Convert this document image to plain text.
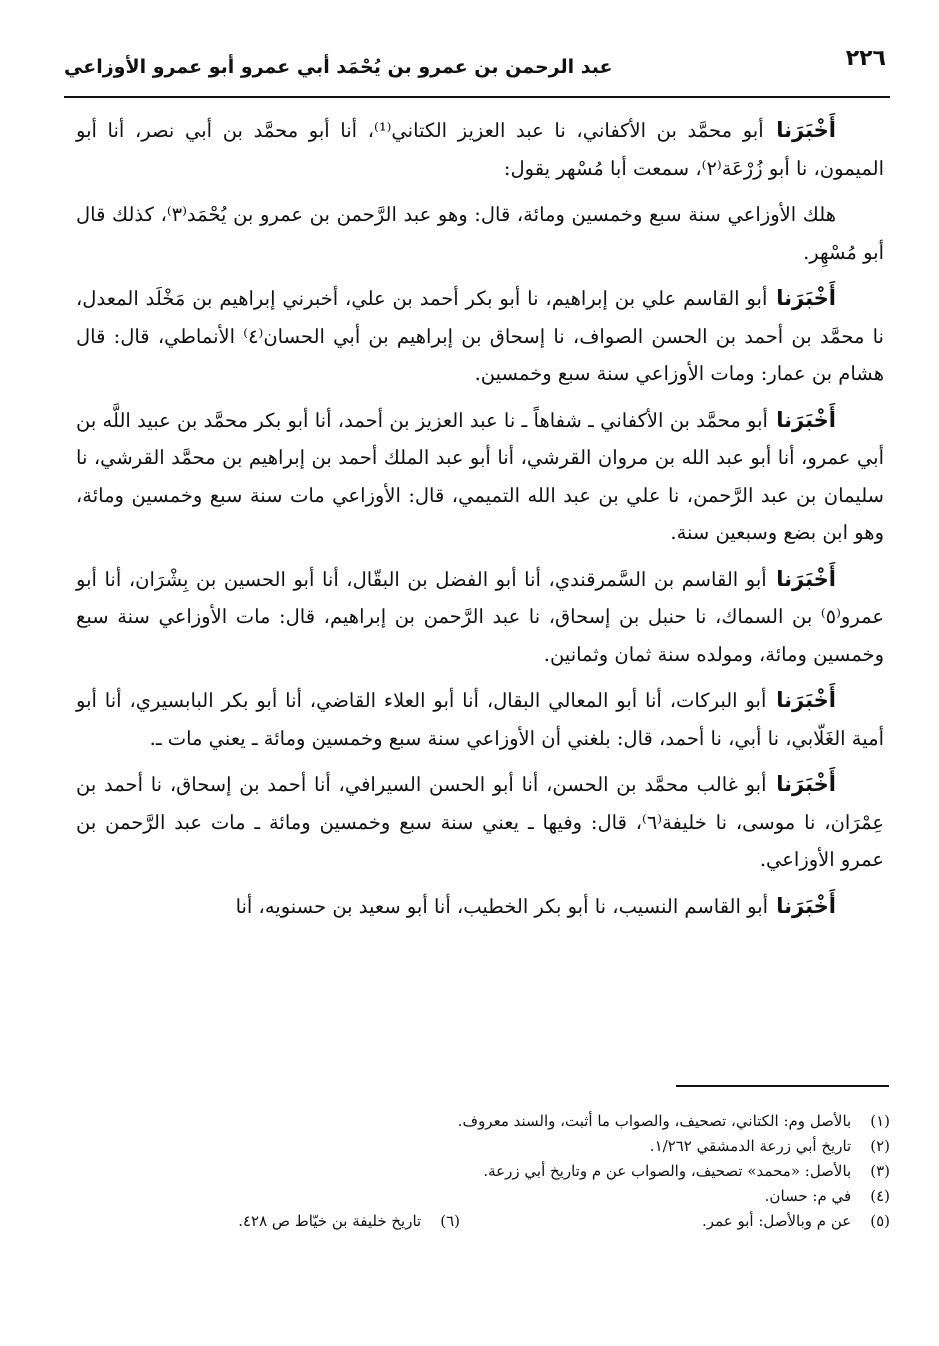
٢٢٦
عبد الرحمن بن عمرو بن يُحْمَد أبي عمرو أبو عمرو الأوزاعي

أَخْبَرَنا أبو محمَّد بن الأكفاني، نا عبد العزيز الكتاني⁽¹⁾، أنا أبو محمَّد بن أبي نصر، أنا أبو الميمون، نا أبو زُرْعَة⁽٢⁾، سمعت أبا مُسْهر يقول:

هلك الأوزاعي سنة سبع وخمسين ومائة، قال: وهو عبد الرَّحمن بن عمرو بن يُحْمَد⁽٣⁾، كذلك قال أبو مُسْهِر.

أَخْبَرَنا أبو القاسم علي بن إبراهيم، نا أبو بكر أحمد بن علي، أخبرني إبراهيم بن مَخْلَد المعدل، نا محمَّد بن أحمد بن الحسن الصواف، نا إسحاق بن إبراهيم بن أبي الحسان⁽٤⁾ الأنماطي، قال: قال هشام بن عمار: ومات الأوزاعي سنة سبع وخمسين.

أَخْبَرَنا أبو محمَّد بن الأكفاني ـ شفاهاً ـ نا عبد العزيز بن أحمد، أنا أبو بكر محمَّد بن عبيد اللَّه بن أبي عمرو، أنا أبو عبد الله بن مروان القرشي، أنا أبو عبد الملك أحمد بن إبراهيم بن محمَّد القرشي، نا سليمان بن عبد الرَّحمن، نا علي بن عبد الله التميمي، قال: الأوزاعي مات سنة سبع وخمسين ومائة، وهو ابن بضع وسبعين سنة.

أَخْبَرَنا أبو القاسم بن السَّمرقندي، أنا أبو الفضل بن البقّال، أنا أبو الحسين بن بِشْرَان، أنا أبو عمرو⁽٥⁾ بن السماك، نا حنبل بن إسحاق، نا عبد الرَّحمن بن إبراهيم، قال: مات الأوزاعي سنة سبع وخمسين ومائة، ومولده سنة ثمان وثمانين.

أَخْبَرَنا أبو البركات، أنا أبو المعالي البقال، أنا أبو العلاء القاضي، أنا أبو بكر البابسيري، أنا أبو أمية الغَلّابي، نا أبي، نا أحمد، قال: بلغني أن الأوزاعي سنة سبع وخمسين ومائة ـ يعني مات ـ.

أَخْبَرَنا أبو غالب محمَّد بن الحسن، أنا أبو الحسن السيرافي، أنا أحمد بن إسحاق، نا أحمد بن عِمْرَان، نا موسى، نا خليفة⁽٦⁾، قال: وفيها ـ يعني سنة سبع وخمسين ومائة ـ مات عبد الرَّحمن بن عمرو الأوزاعي.

أَخْبَرَنا أبو القاسم النسيب، نا أبو بكر الخطيب، أنا أبو سعيد بن حسنويه، أنا

(١) بالأصل وم: الكتاني، تصحيف، والصواب ما أثبت، والسند معروف.
(٢) تاريخ أبي زرعة الدمشقي ١/٢٦٢.
(٣) بالأصل: «محمد» تصحيف، والصواب عن م وتاريخ أبي زرعة.
(٤) في م: حسان.
(٥) عن م وبالأصل: أبو عمر.
(٦) تاريخ خليفة بن خيّاط ص ٤٢٨.
